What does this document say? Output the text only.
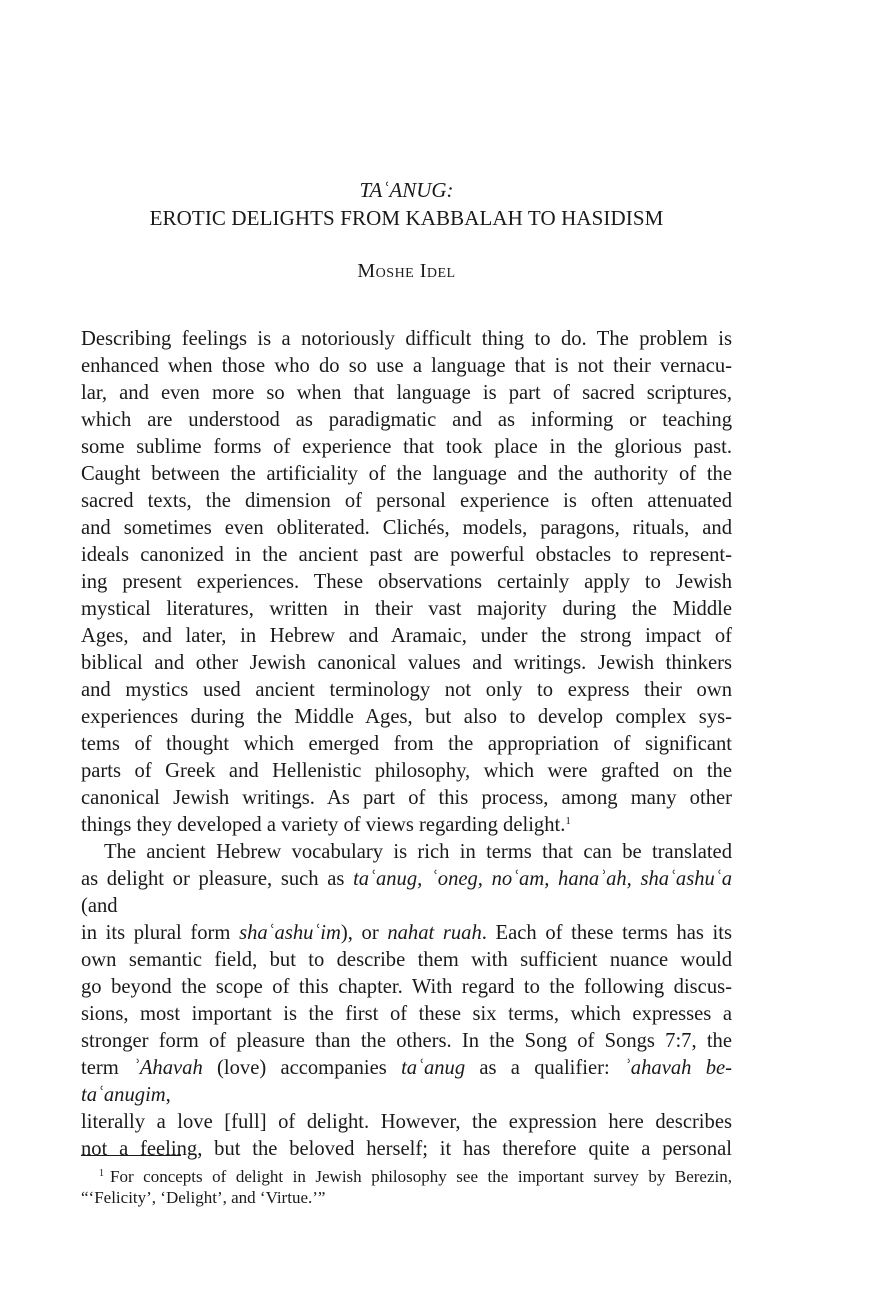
TAʿANUG:
EROTIC DELIGHTS FROM KABBALAH TO HASIDISM
Moshe Idel

Describing feelings is a notoriously difficult thing to do. The problem is

enhanced when those who do so use a language that is not their vernacu-

lar, and even more so when that language is part of sacred scriptures,

which are understood as paradigmatic and as informing or teaching

some sublime forms of experience that took place in the glorious past.

Caught between the artificiality of the language and the authority of the

sacred texts, the dimension of personal experience is often attenuated

and sometimes even obliterated. Clichés, models, paragons, rituals, and

ideals canonized in the ancient past are powerful obstacles to represent-

ing present experiences. These observations certainly apply to Jewish

mystical literatures, written in their vast majority during the Middle

Ages, and later, in Hebrew and Aramaic, under the strong impact of

biblical and other Jewish canonical values and writings. Jewish thinkers

and mystics used ancient terminology not only to express their own

experiences during the Middle Ages, but also to develop complex sys-

tems of thought which emerged from the appropriation of significant

parts of Greek and Hellenistic philosophy, which were grafted on the

canonical Jewish writings. As part of this process, among many other

things they developed a variety of views regarding delight.$^1$

The ancient Hebrew vocabulary is rich in terms that can be translated

as delight or pleasure, such as taʿanug, ʿoneg, noʿam, hanaʾah, shaʿashuʿa (and

in its plural form shaʿashuʿim), or nahat ruah. Each of these terms has its

own semantic field, but to describe them with sufficient nuance would

go beyond the scope of this chapter. With regard to the following discus-

sions, most important is the first of these six terms, which expresses a

stronger form of pleasure than the others. In the Song of Songs 7:7, the

term ʾAhavah (love) accompanies taʿanug as a qualifier: ʾahavah be-taʿanugim,

literally a love [full] of delight. However, the expression here describes

not a feeling, but the beloved herself; it has therefore quite a personal

$^1$ For concepts of delight in Jewish philosophy see the important survey by Berezin,

“‘Felicity’, ‘Delight’, and ‘Virtue.’”
